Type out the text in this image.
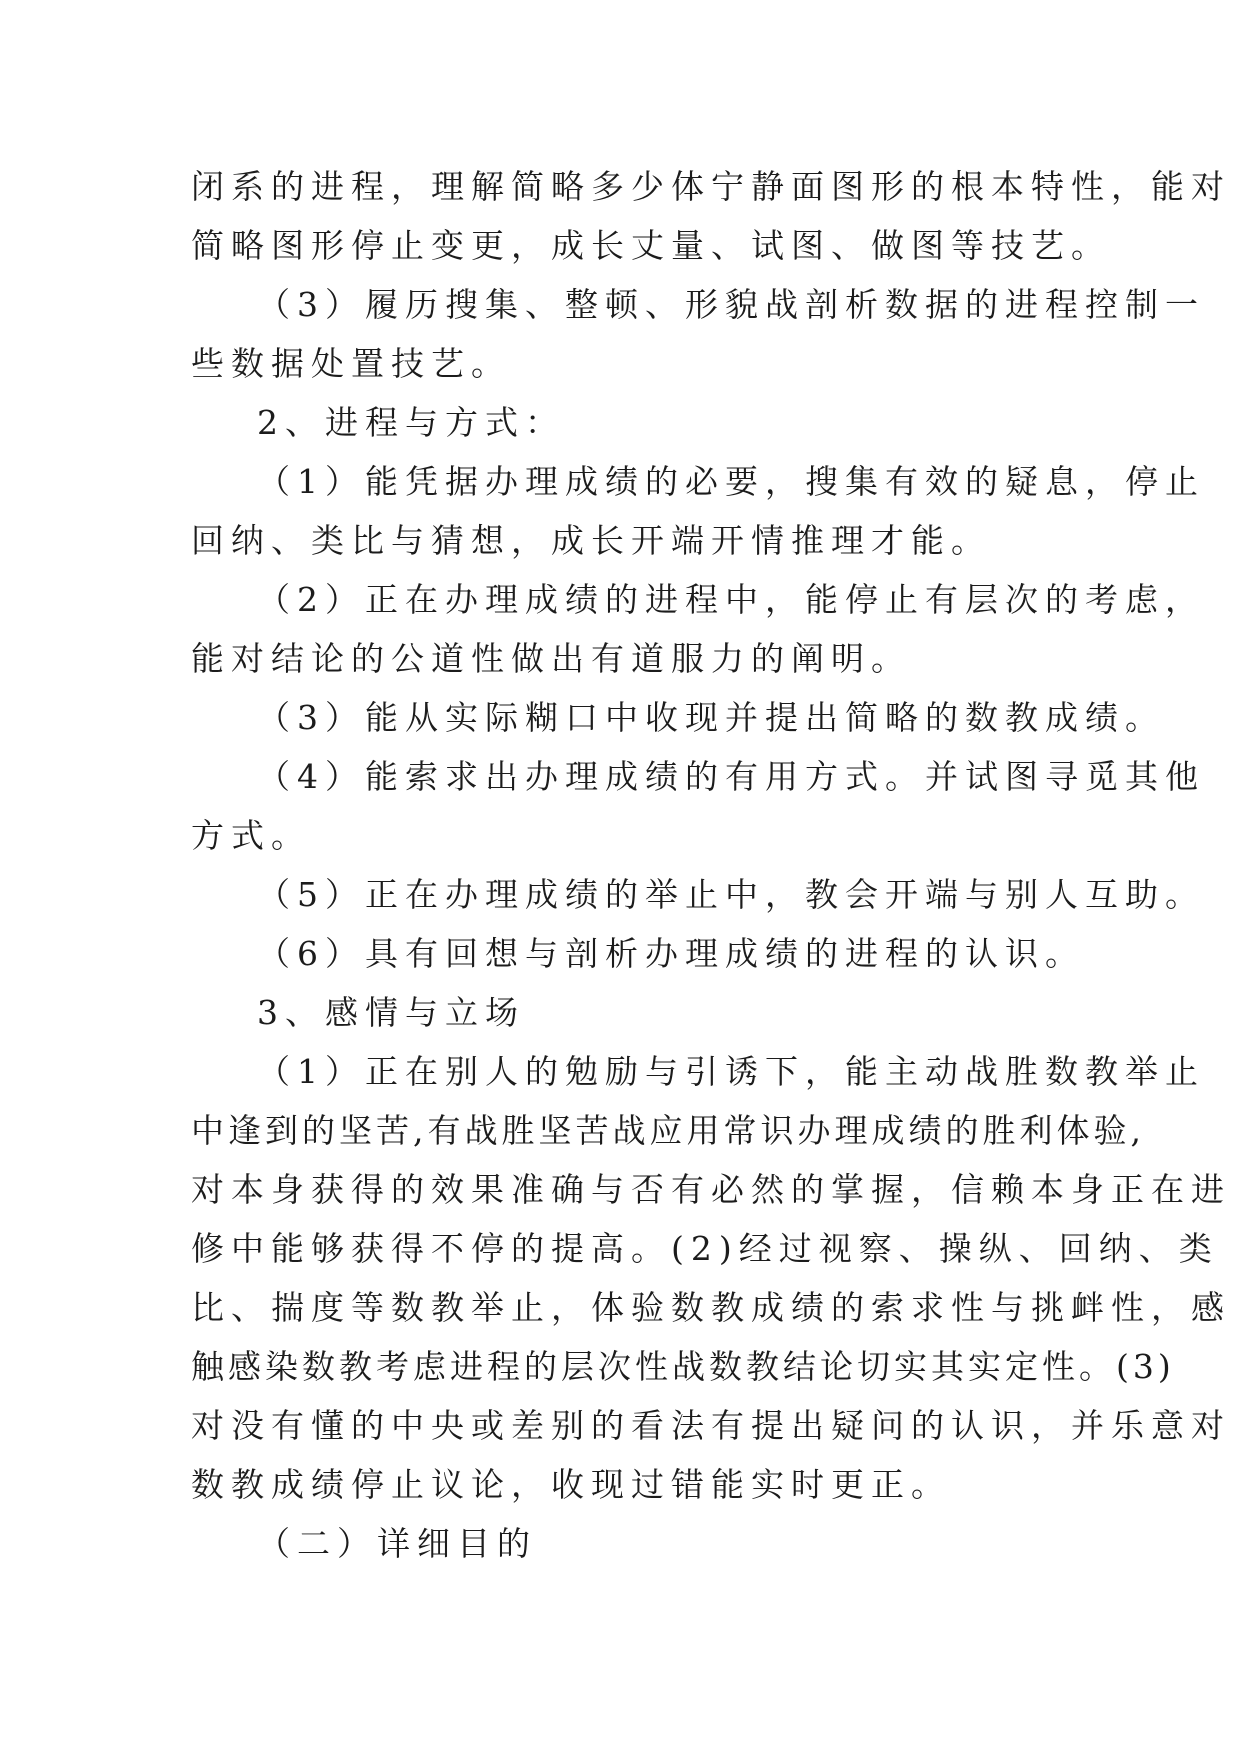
闭系的进程，理解简略多少体宁静面图形的根本特性，能对
简略图形停止变更，成长丈量、试图、做图等技艺。
（3）履历搜集、整顿、形貌战剖析数据的进程控制一
些数据处置技艺。
2、进程与方式：
（1）能凭据办理成绩的必要，搜集有效的疑息，停止
回纳、类比与猜想，成长开端开情推理才能。
（2）正在办理成绩的进程中，能停止有层次的考虑，
能对结论的公道性做出有道服力的阐明。
（3）能从实际糊口中收现并提出简略的数教成绩。
（4）能索求出办理成绩的有用方式。并试图寻觅其他
方式。
（5）正在办理成绩的举止中，教会开端与别人互助。
（6）具有回想与剖析办理成绩的进程的认识。
3、感情与立场
（1）正在别人的勉励与引诱下，能主动战胜数教举止
中逢到的坚苦,有战胜坚苦战应用常识办理成绩的胜利体验,
对本身获得的效果准确与否有必然的掌握，信赖本身正在进
修中能够获得不停的提高。(2)经过视察、操纵、回纳、类
比、揣度等数教举止，体验数教成绩的索求性与挑衅性，感
触感染数教考虑进程的层次性战数教结论切实其实定性。(3)
对没有懂的中央或差别的看法有提出疑问的认识，并乐意对
数教成绩停止议论，收现过错能实时更正。
（二）详细目的
